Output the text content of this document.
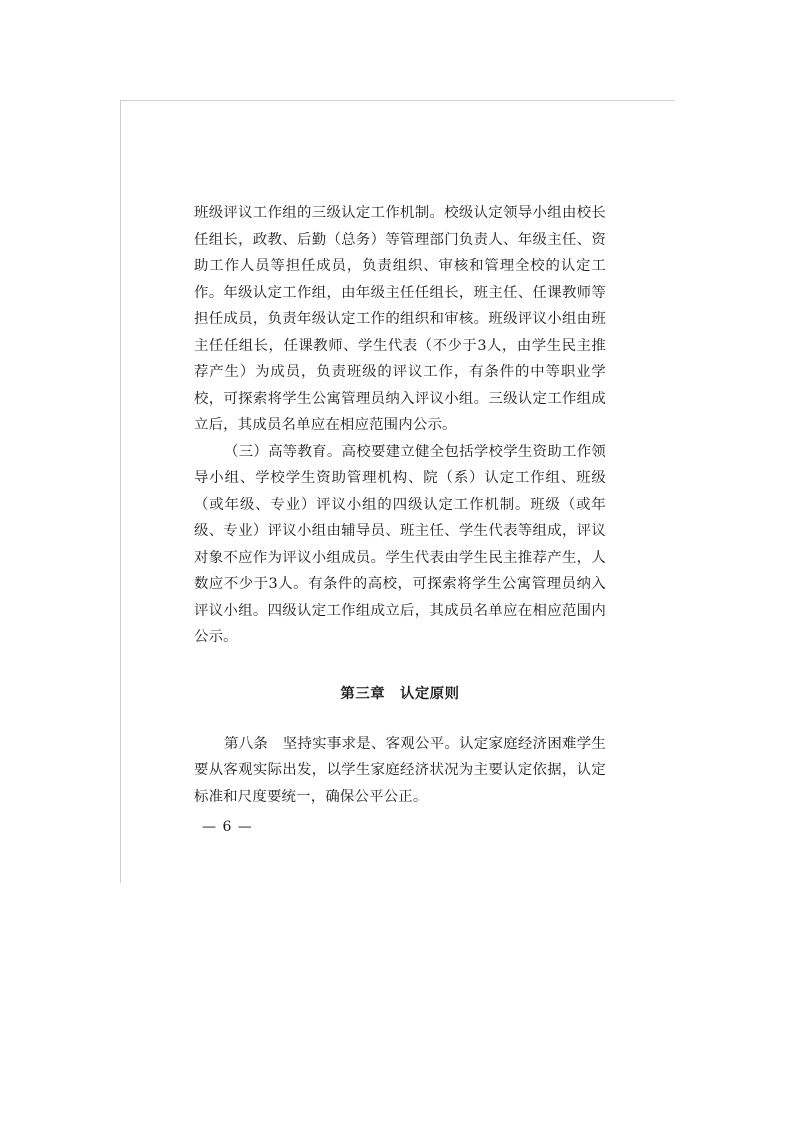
班级评议工作组的三级认定工作机制。校级认定领导小组由校长任组长，政教、后勤（总务）等管理部门负责人、年级主任、资助工作人员等担任成员，负责组织、审核和管理全校的认定工作。年级认定工作组，由年级主任任组长，班主任、任课教师等担任成员，负责年级认定工作的组织和审核。班级评议小组由班主任任组长，任课教师、学生代表（不少于3人，由学生民主推荐产生）为成员，负责班级的评议工作，有条件的中等职业学校，可探索将学生公寓管理员纳入评议小组。三级认定工作组成立后，其成员名单应在相应范围内公示。

（三）高等教育。高校要建立健全包括学校学生资助工作领导小组、学校学生资助管理机构、院（系）认定工作组、班级（或年级、专业）评议小组的四级认定工作机制。班级（或年级、专业）评议小组由辅导员、班主任、学生代表等组成，评议对象不应作为评议小组成员。学生代表由学生民主推荐产生，人数应不少于3人。有条件的高校，可探索将学生公寓管理员纳入评议小组。四级认定工作组成立后，其成员名单应在相应范围内公示。

第三章　认定原则

第八条　坚持实事求是、客观公平。认定家庭经济困难学生要从客观实际出发，以学生家庭经济状况为主要认定依据，认定标准和尺度要统一，确保公平公正。

— 6 —
